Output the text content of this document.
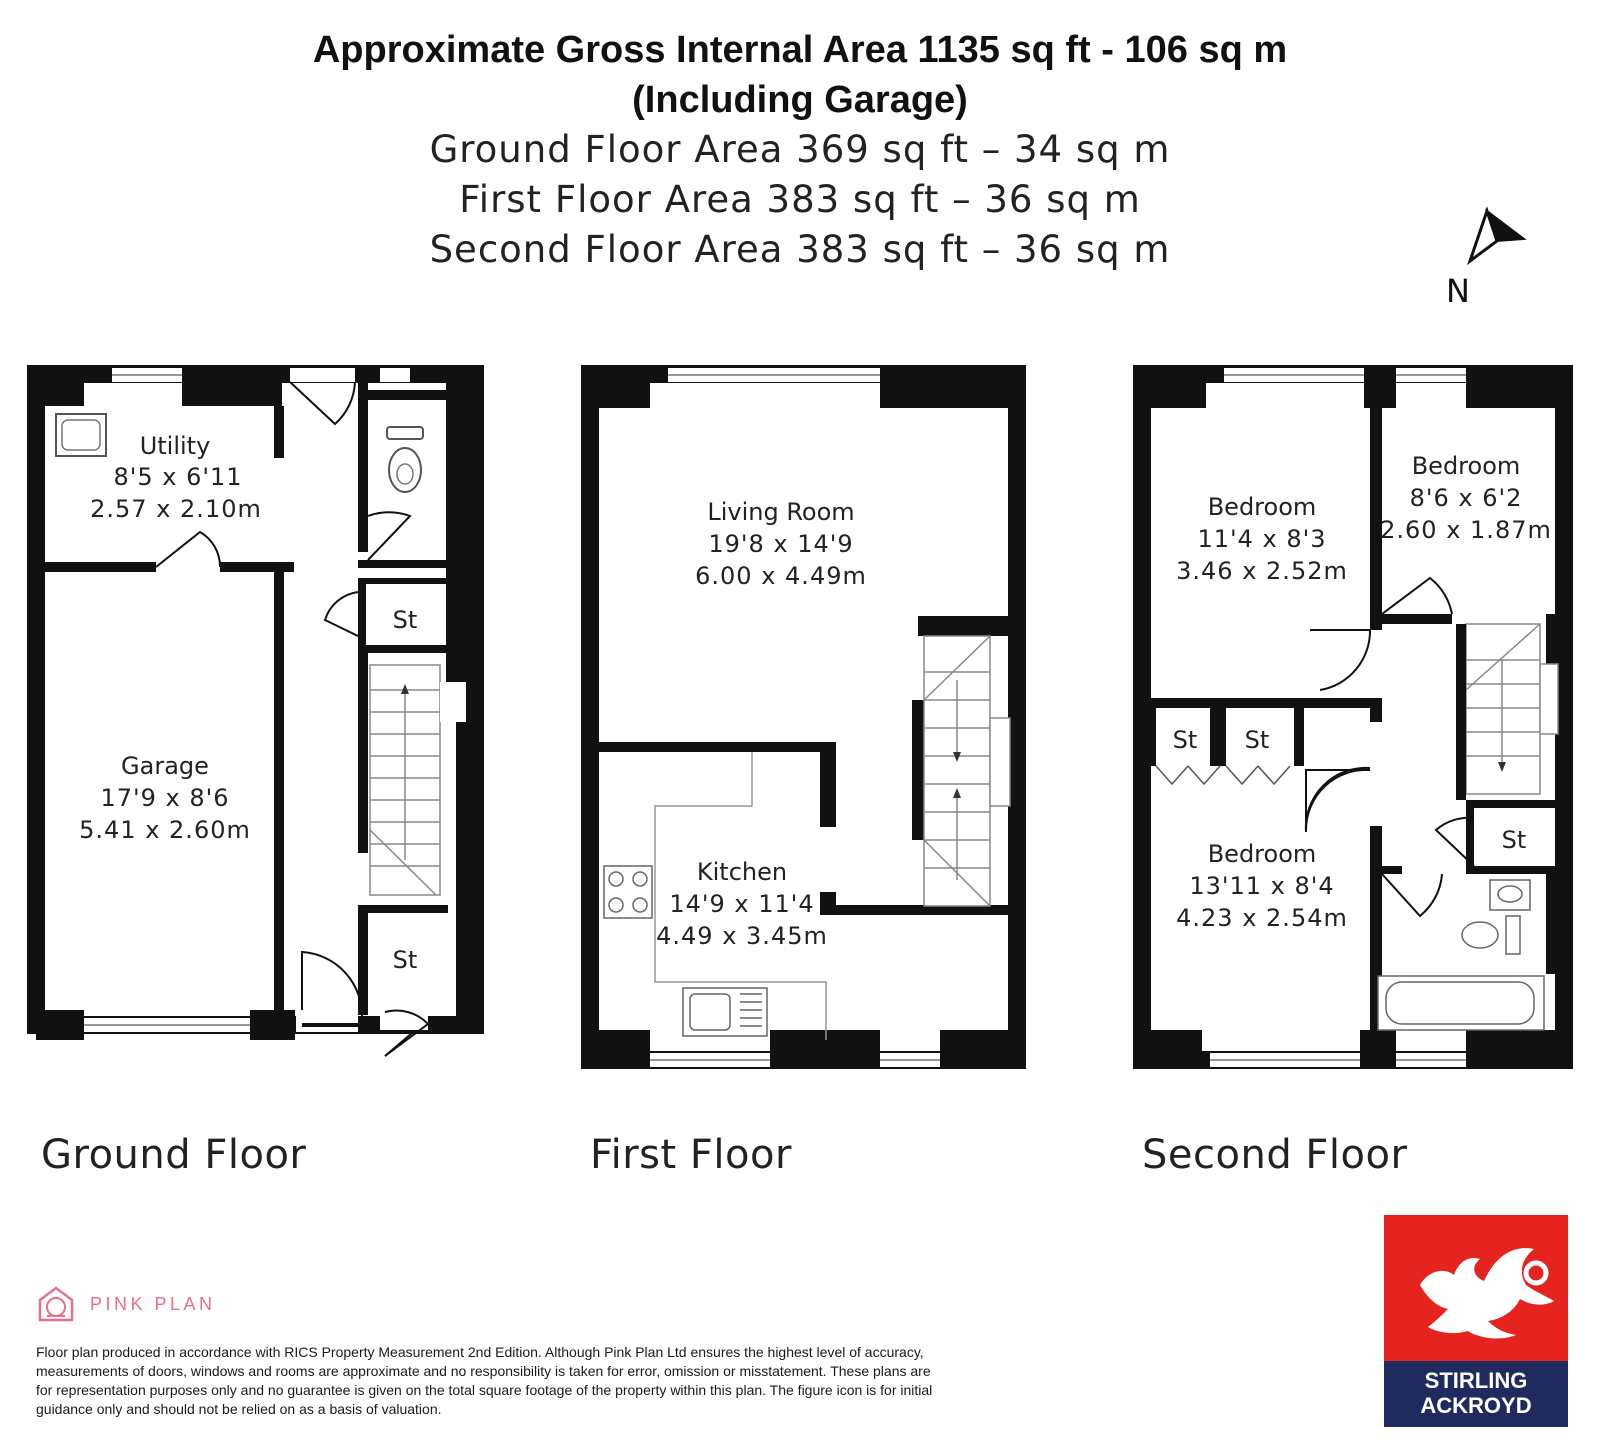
Approximate Gross Internal Area 1135 sq ft - 106 sq m
(Including Garage)
Ground Floor Area 369 sq ft – 34 sq m
First Floor Area 383 sq ft – 36 sq m
Second Floor Area 383 sq ft – 36 sq m
N
Utility
8'5 x 6'11
2.57 x 2.10m
Garage
17'9 x 8'6
5.41 x 2.60m
St
St
Living Room
19'8 x 14'9
6.00 x 4.49m
Kitchen
14'9 x 11'4
4.49 x 3.45m
Bedroom
11'4 x 8'3
3.46 x 2.52m
Bedroom
8'6 x 6'2
2.60 x 1.87m
Bedroom
13'11 x 8'4
4.23 x 2.54m
St St
St
Ground Floor	First Floor	Second Floor
PINK PLAN
Floor plan produced in accordance with RICS Property Measurement 2nd Edition. Although Pink Plan Ltd ensures the highest level of accuracy, measurements of doors, windows and rooms are approximate and no responsibility is taken for error, omission or misstatement. These plans are for representation purposes only and no guarantee is given on the total square footage of the property within this plan. The figure icon is for initial guidance only and should not be relied on as a basis of valuation.
STIRLING
ACKROYD
